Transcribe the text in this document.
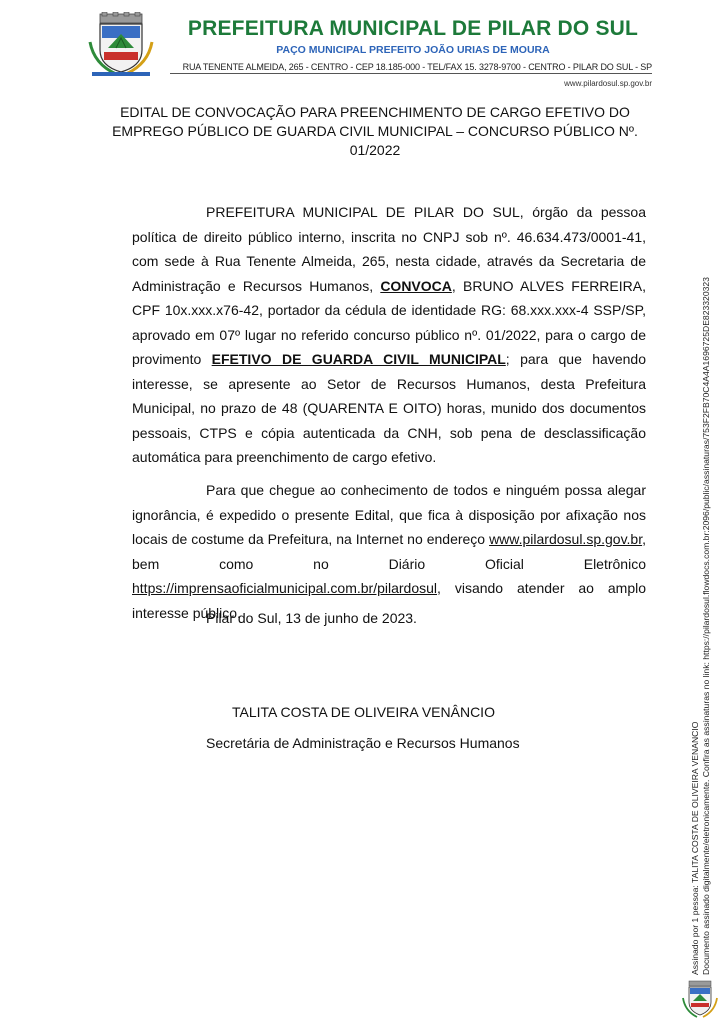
PREFEITURA MUNICIPAL DE PILAR DO SUL
PAÇO MUNICIPAL PREFEITO JOÃO URIAS DE MOURA
RUA TENENTE ALMEIDA, 265 - CENTRO - CEP 18.185-000 - TEL/FAX 15. 3278-9700 - CENTRO - PILAR DO SUL - SP
www.pilardosul.sp.gov.br
EDITAL DE CONVOCAÇÃO PARA PREENCHIMENTO DE CARGO EFETIVO DO EMPREGO PÚBLICO DE GUARDA CIVIL MUNICIPAL – CONCURSO PÚBLICO Nº. 01/2022
PREFEITURA MUNICIPAL DE PILAR DO SUL, órgão da pessoa política de direito público interno, inscrita no CNPJ sob nº. 46.634.473/0001-41, com sede à Rua Tenente Almeida, 265, nesta cidade, através da Secretaria de Administração e Recursos Humanos, CONVOCA, BRUNO ALVES FERREIRA, CPF 10x.xxx.x76-42, portador da cédula de identidade RG: 68.xxx.xxx-4 SSP/SP, aprovado em 07º lugar no referido concurso público nº. 01/2022, para o cargo de provimento EFETIVO DE GUARDA CIVIL MUNICIPAL; para que havendo interesse, se apresente ao Setor de Recursos Humanos, desta Prefeitura Municipal, no prazo de 48 (QUARENTA E OITO) horas, munido dos documentos pessoais, CTPS e cópia autenticada da CNH, sob pena de desclassificação automática para preenchimento de cargo efetivo.
Para que chegue ao conhecimento de todos e ninguém possa alegar ignorância, é expedido o presente Edital, que fica à disposição por afixação nos locais de costume da Prefeitura, na Internet no endereço www.pilardosul.sp.gov.br, bem como no Diário Oficial Eletrônico https://imprensaoficialmunicipal.com.br/pilardosul, visando atender ao amplo interesse público.
Pilar do Sul, 13 de junho de 2023.
TALITA COSTA DE OLIVEIRA VENÂNCIO
Secretária de Administração e Recursos Humanos	Assinado por 1 pessoa: TALITA COSTA DE OLIVEIRA VENANCIO Documento assinado digitalmente/eletronicamente. Confira as assinaturas no link: https://pilardosul.flowdocs.com.br:2096/public/assinaturas/753F2FB70C4A4A1696725DE823320323
